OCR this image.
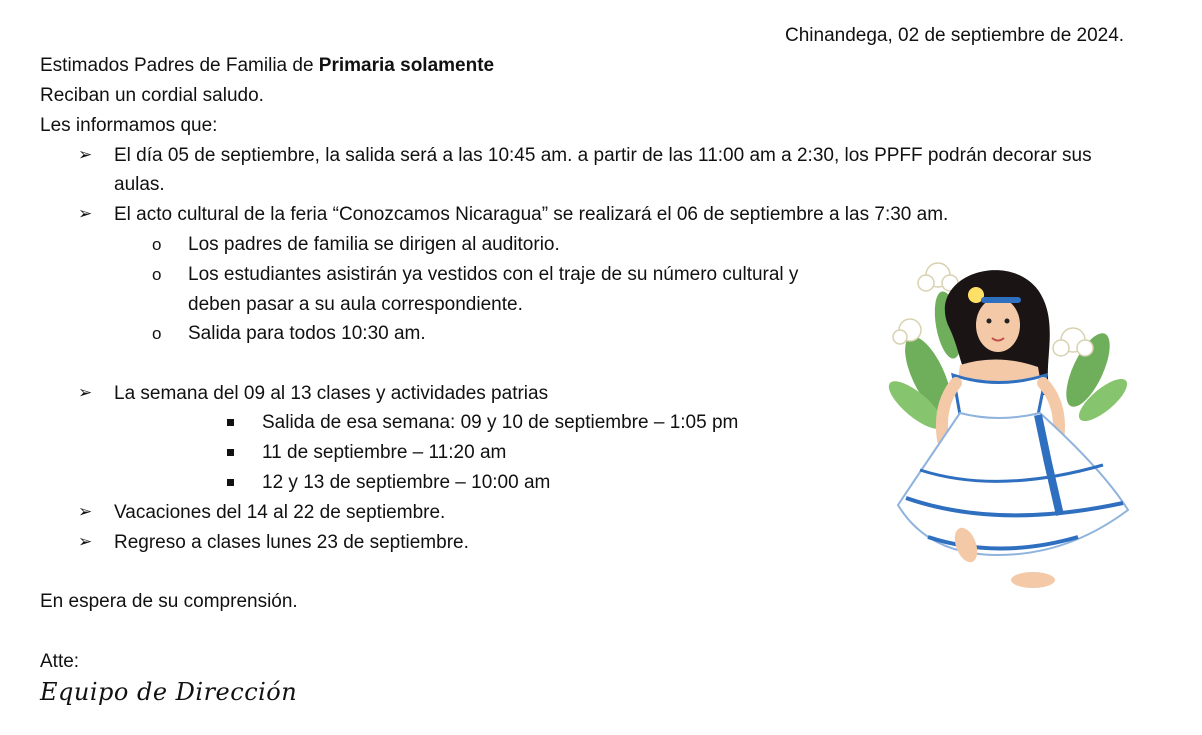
Chinandega, 02 de septiembre de 2024.
Estimados Padres de Familia de Primaria solamente
Reciban un cordial saludo.
Les informamos que:
➢ El día 05 de septiembre, la salida será a las 10:45 am. a partir de las 11:00 am a 2:30, los PPFF podrán decorar sus
aulas.
➢ El acto cultural de la feria “Conozcamos Nicaragua” se realizará el 06 de septiembre a las 7:30 am.
o Los padres de familia se dirigen al auditorio.
o Los estudiantes asistirán ya vestidos con el traje de su número cultural y
deben pasar a su aula correspondiente.
o Salida para todos 10:30 am.
➢ La semana del 09 al 13 clases y actividades patrias
Salida de esa semana: 09 y 10 de septiembre – 1:05 pm
11 de septiembre – 11:20 am
12 y 13 de septiembre – 10:00 am
➢ Vacaciones del 14 al 22 de septiembre.
➢ Regreso a clases lunes 23 de septiembre.
En espera de su comprensión.
Atte:
Equipo de Dirección
